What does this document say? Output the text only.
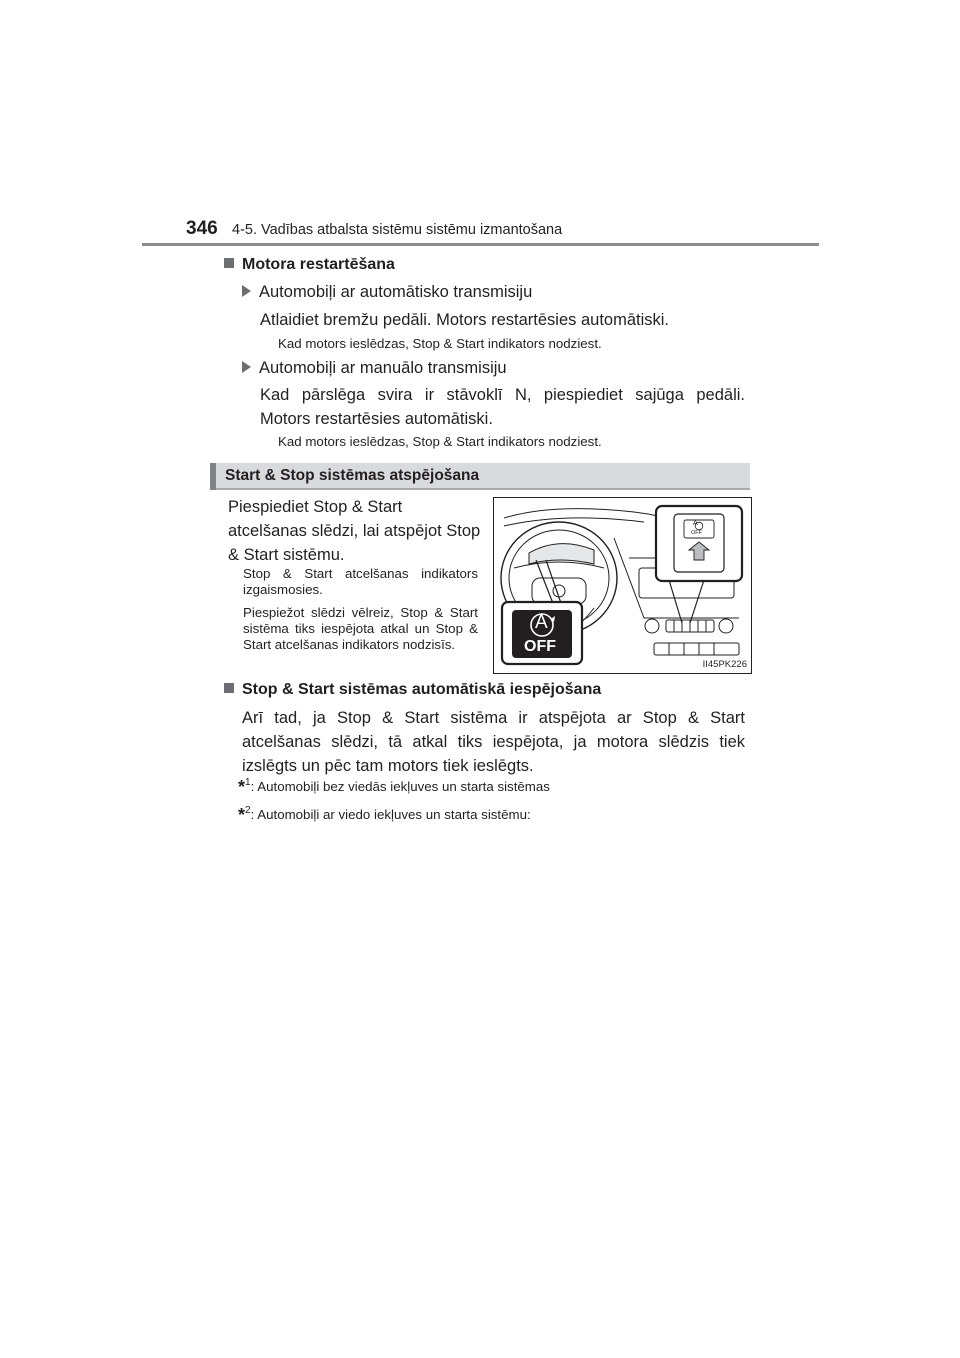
346 4-5. Vadības atbalsta sistēmu sistēmu izmantošana
Motora restartēšana
Automobiļi ar automātisko transmisiju
Atlaidiet bremžu pedāli. Motors restartēsies automātiski.
Kad motors ieslēdzas, Stop & Start indikators nodziest.
Automobiļi ar manuālo transmisiju
Kad pārslēga svira ir stāvoklī N, piespiediet sajūga pedāli.
Motors restartēsies automātiski.
Kad motors ieslēdzas, Stop & Start indikators nodziest.
Start & Stop sistēmas atspējošana
Piespiediet Stop & Start
atcelšanas slēdzi, lai atspējot Stop
& Start sistēmu.
Stop & Start atcelšanas indikators izgaismosies.
Piespiežot slēdzi vēlreiz, Stop & Start sistēma tiks iespējota atkal un Stop & Start atcelšanas indikators nodzisīs.
A
OFF
A
OFF
II45PK226
Stop & Start sistēmas automātiskā iespējošana
Arī tad, ja Stop & Start sistēma ir atspējota ar Stop & Start
atcelšanas slēdzi, tā atkal tiks iespējota, ja motora slēdzis tiek
izslēgts un pēc tam motors tiek ieslēgts.
*$^1$: Automobiļi bez viedās iekļuves un starta sistēmas
*$^2$: Automobiļi ar viedo iekļuves un starta sistēmu:
